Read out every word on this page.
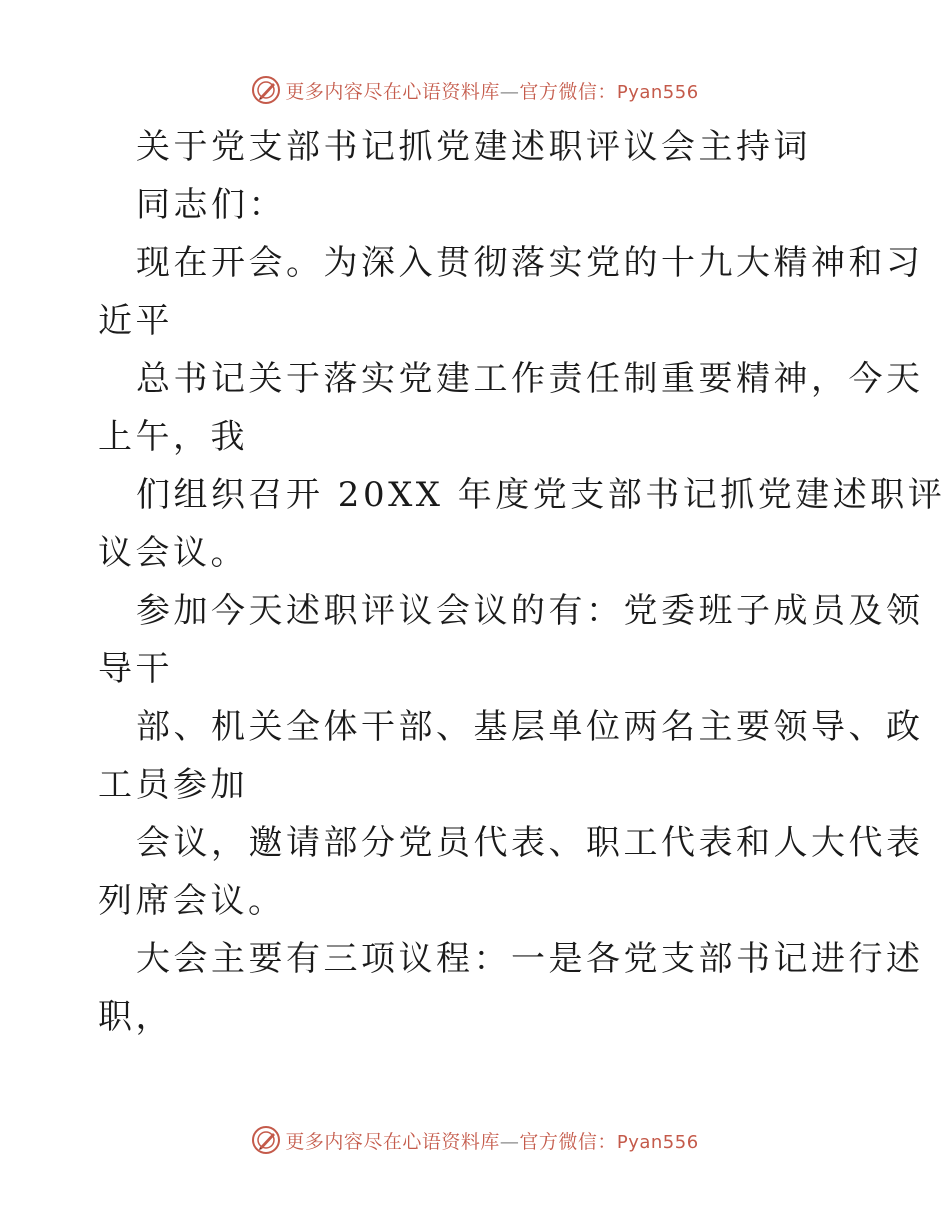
更多内容尽在心语资料库—官方微信：Pyan556
关于党支部书记抓党建述职评议会主持词
同志们：
现在开会。为深入贯彻落实党的十九大精神和习
近平
总书记关于落实党建工作责任制重要精神，今天
上午，我
们组织召开 20XX 年度党支部书记抓党建述职评
议会议。
参加今天述职评议会议的有：党委班子成员及领
导干
部、机关全体干部、基层单位两名主要领导、政
工员参加
会议，邀请部分党员代表、职工代表和人大代表
列席会议。
大会主要有三项议程：一是各党支部书记进行述
职，
更多内容尽在心语资料库—官方微信：Pyan556
